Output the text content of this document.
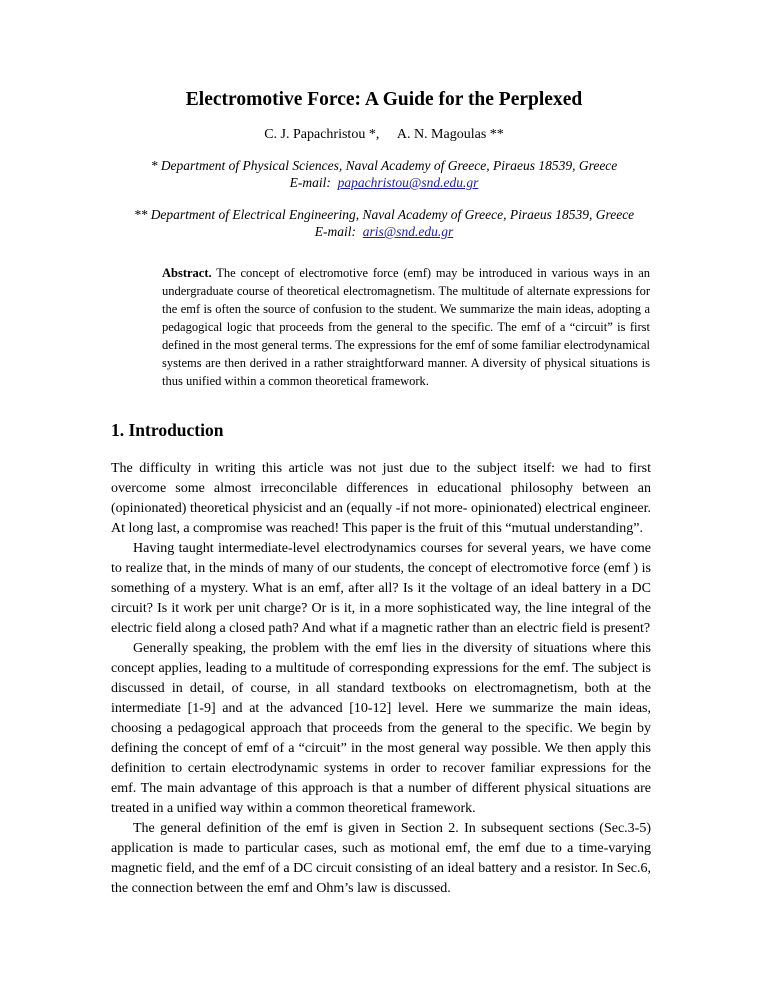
Electromotive Force: A Guide for the Perplexed
C. J. Papachristou *, A. N. Magoulas **
* Department of Physical Sciences, Naval Academy of Greece, Piraeus 18539, Greece
E-mail: papachristou@snd.edu.gr
** Department of Electrical Engineering, Naval Academy of Greece, Piraeus 18539, Greece
E-mail: aris@snd.edu.gr
Abstract. The concept of electromotive force (emf) may be introduced in various ways in an undergraduate course of theoretical electromagnetism. The multitude of alternate expressions for the emf is often the source of confusion to the student. We summarize the main ideas, adopting a pedagogical logic that proceeds from the general to the specific. The emf of a “circuit” is first defined in the most general terms. The expressions for the emf of some familiar electrodynamical systems are then derived in a rather straightforward manner. A diversity of physical situations is thus unified within a common theoretical framework.
1. Introduction

The difficulty in writing this article was not just due to the subject itself: we had to first overcome some almost irreconcilable differences in educational philosophy between an (opinionated) theoretical physicist and an (equally -if not more- opinionated) electrical engineer. At long last, a compromise was reached! This paper is the fruit of this “mutual understanding”.

Having taught intermediate-level electrodynamics courses for several years, we have come to realize that, in the minds of many of our students, the concept of electromotive force (emf ) is something of a mystery. What is an emf, after all? Is it the voltage of an ideal battery in a DC circuit? Is it work per unit charge? Or is it, in a more sophisticated way, the line integral of the electric field along a closed path? And what if a magnetic rather than an electric field is present?

Generally speaking, the problem with the emf lies in the diversity of situations where this concept applies, leading to a multitude of corresponding expressions for the emf. The subject is discussed in detail, of course, in all standard textbooks on electromagnetism, both at the intermediate [1-9] and at the advanced [10-12] level. Here we summarize the main ideas, choosing a pedagogical approach that proceeds from the general to the specific. We begin by defining the concept of emf of a “circuit” in the most general way possible. We then apply this definition to certain electrodynamic systems in order to recover familiar expressions for the emf. The main advantage of this approach is that a number of different physical situations are treated in a unified way within a common theoretical framework.

The general definition of the emf is given in Section 2. In subsequent sections (Sec.3-5) application is made to particular cases, such as motional emf, the emf due to a time-varying magnetic field, and the emf of a DC circuit consisting of an ideal battery and a resistor. In Sec.6, the connection between the emf and Ohm’s law is discussed.
